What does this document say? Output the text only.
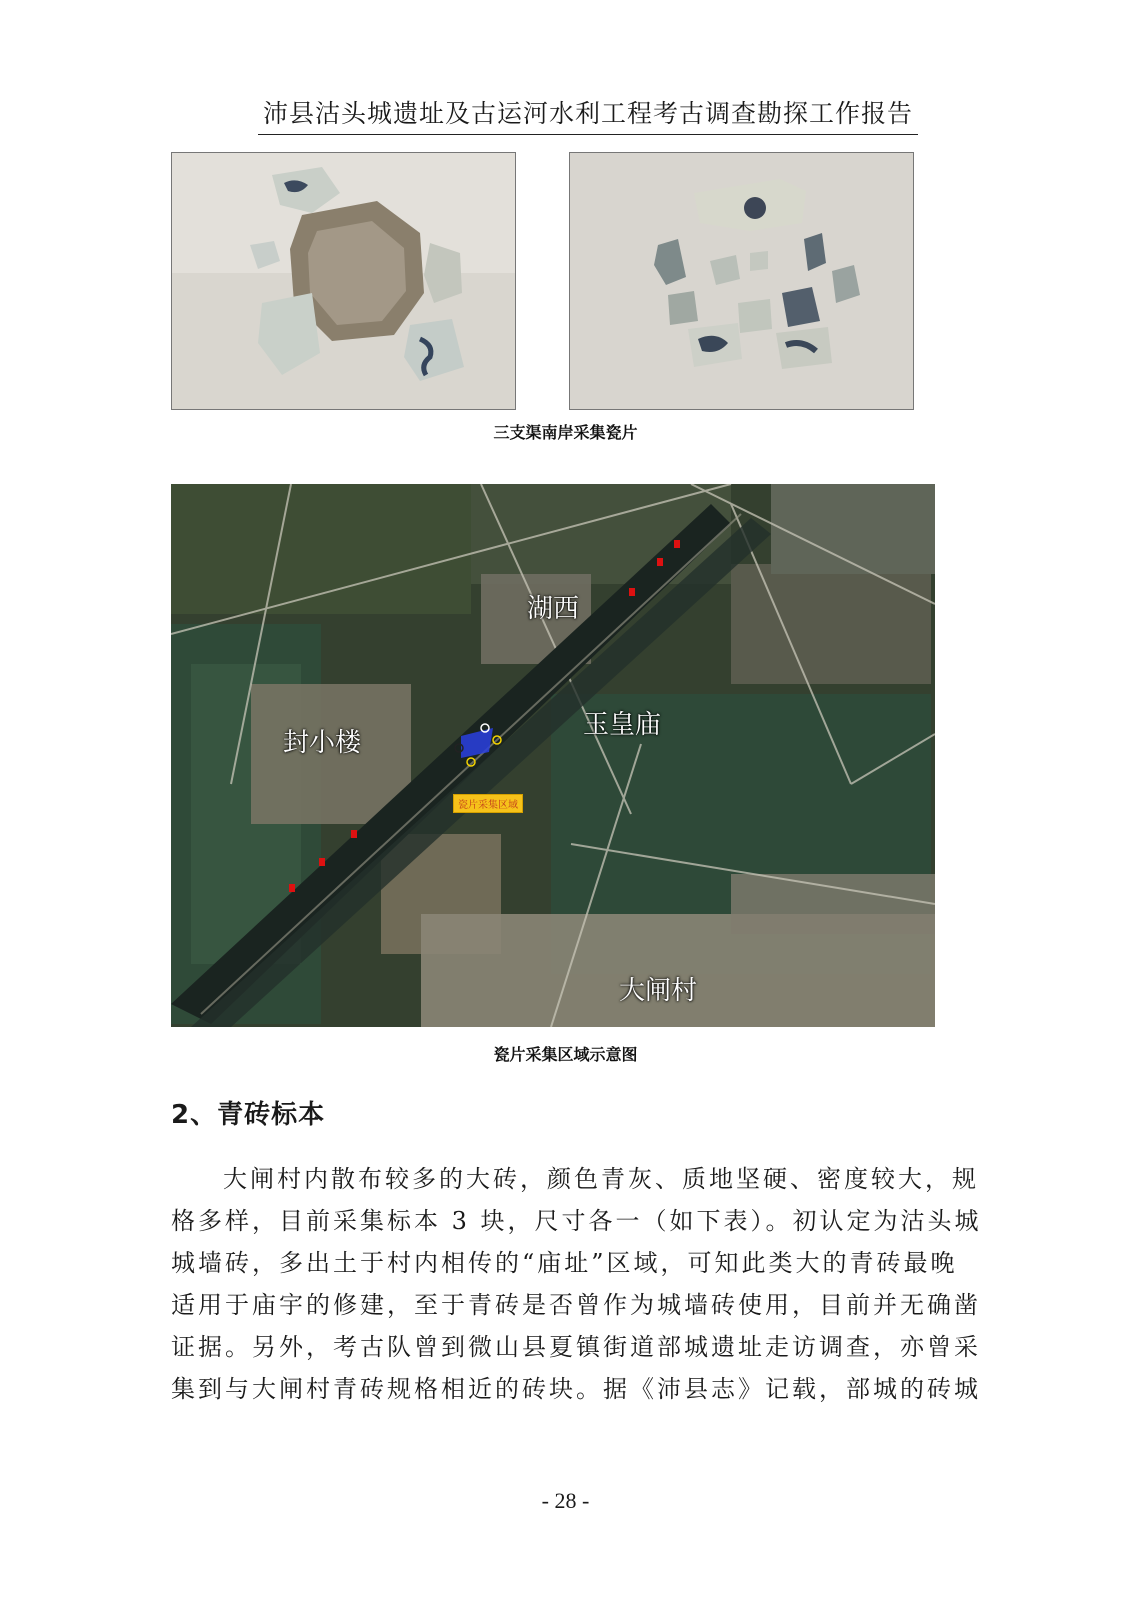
沛县沽头城遗址及古运河水利工程考古调查勘探工作报告
三支渠南岸采集瓷片
湖西
玉皇庙
封小楼
大闸村
瓷片采集区域
瓷片采集区域示意图
2、青砖标本
大闸村内散布较多的大砖，颜色青灰、质地坚硬、密度较大，规
格多样，目前采集标本 3 块，尺寸各一（如下表）。初认定为沽头城
城墙砖，多出土于村内相传的“庙址”区域，可知此类大的青砖最晚
适用于庙宇的修建，至于青砖是否曾作为城墙砖使用，目前并无确凿
证据。另外，考古队曾到微山县夏镇街道部城遗址走访调查，亦曾采
集到与大闸村青砖规格相近的砖块。据《沛县志》记载，部城的砖城
- 28 -
